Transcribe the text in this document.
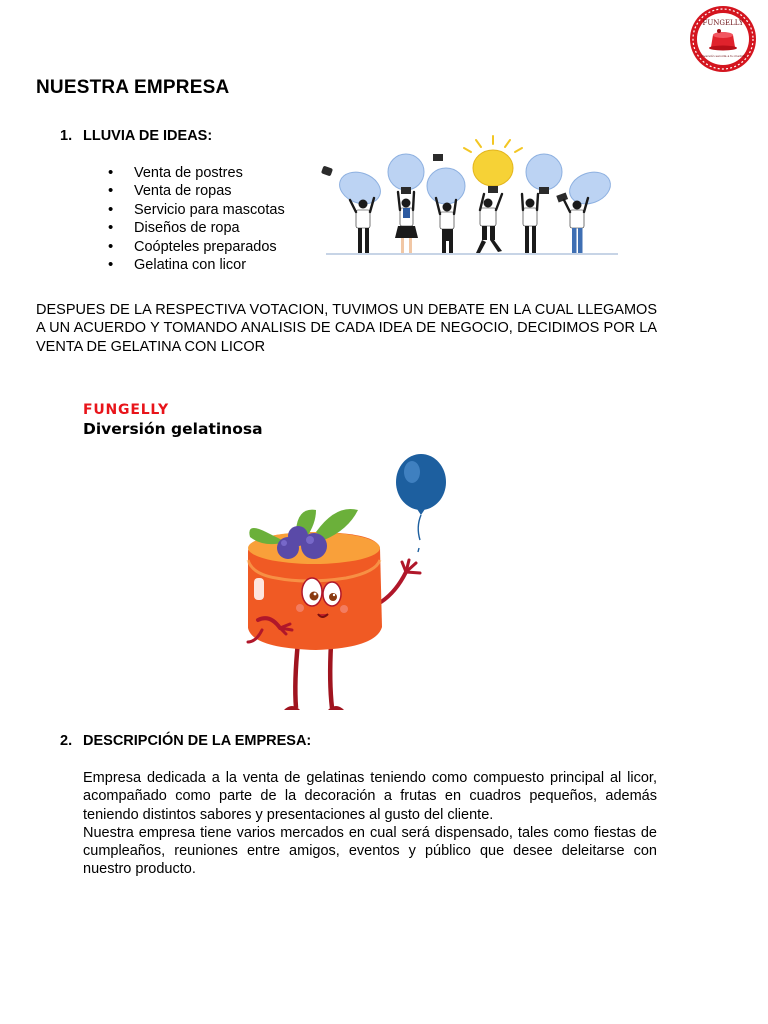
FUNGELLY
Diversión servida a tu medida
NUESTRA EMPRESA
1. LLUVIA DE IDEAS:
• Venta de postres
• Venta de ropas
• Servicio para mascotas
• Diseños de ropa
• Coópteles preparados
• Gelatina con licor
DESPUES DE LA RESPECTIVA VOTACION, TUVIMOS UN DEBATE EN LA CUAL LLEGAMOS A UN ACUERDO Y TOMANDO ANALISIS DE CADA IDEA DE NEGOCIO, DECIDIMOS POR LA VENTA DE GELATINA CON LICOR
FUNGELLY
Diversión gelatinosa
2. DESCRIPCIÓN DE LA EMPRESA:
Empresa dedicada a la venta de gelatinas teniendo como compuesto principal al licor, acompañado como parte de la decoración a frutas en cuadros pequeños, además teniendo distintos sabores y presentaciones al gusto del cliente.
Nuestra empresa tiene varios mercados en cual será dispensado, tales como fiestas de cumpleaños, reuniones entre amigos, eventos y público que desee deleitarse con nuestro producto.
